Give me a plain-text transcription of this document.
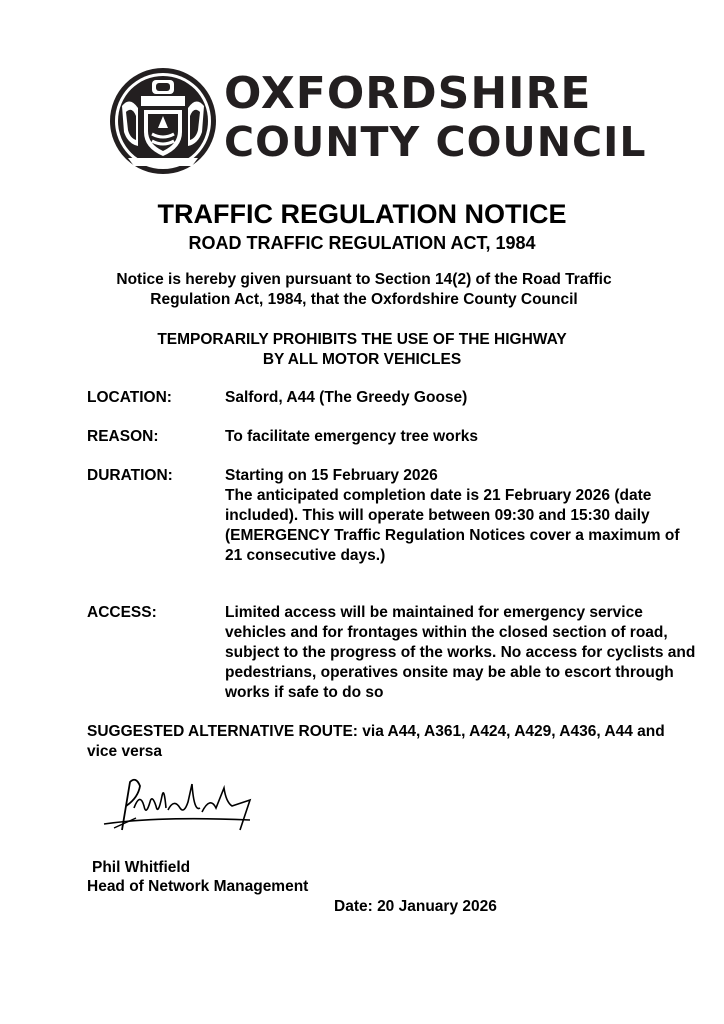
OXFORDSHIRE
COUNTY COUNCIL
TRAFFIC REGULATION NOTICE
ROAD TRAFFIC REGULATION ACT, 1984

Notice is hereby given pursuant to Section 14(2) of the Road Traffic Regulation Act, 1984, that the Oxfordshire County Council

TEMPORARILY PROHIBITS THE USE OF THE HIGHWAY
BY ALL MOTOR VEHICLES
LOCATION:	Salford, A44 (The Greedy Goose)
REASON:	To facilitate emergency tree works
DURATION:	Starting on 15 February 2026
The anticipated completion date is 21 February 2026 (date included). This will operate between 09:30 and 15:30 daily
(EMERGENCY Traffic Regulation Notices cover a maximum of 21 consecutive days.)
ACCESS:	Limited access will be maintained for emergency service vehicles and for frontages within the closed section of road, subject to the progress of the works. No access for cyclists and pedestrians, operatives onsite may be able to escort through works if safe to do so
SUGGESTED ALTERNATIVE ROUTE: via A44, A361, A424, A429, A436, A44 and vice versa
Phil Whitfield
Head of Network Management
Date: 20 January 2026
